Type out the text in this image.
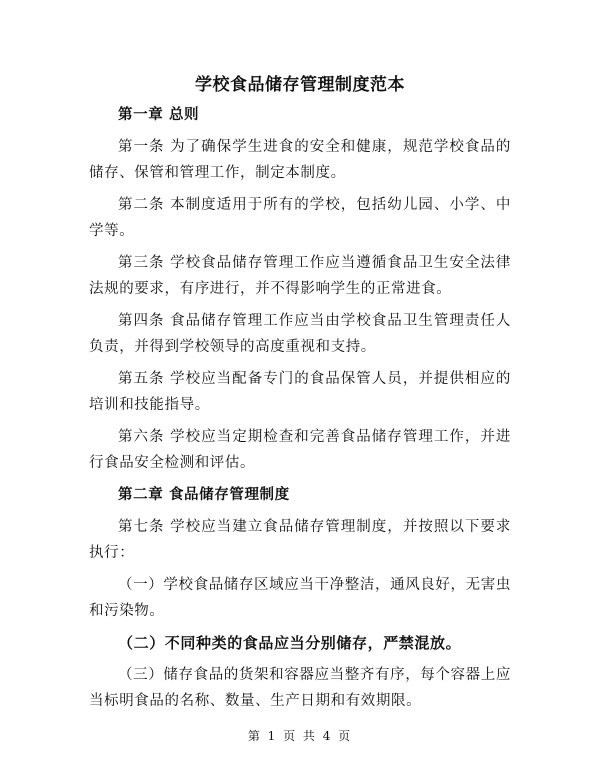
学校食品储存管理制度范本
第一章 总则
第一条 为了确保学生进食的安全和健康，规范学校食品的储存、保管和管理工作，制定本制度。
第二条 本制度适用于所有的学校，包括幼儿园、小学、中学等。
第三条 学校食品储存管理工作应当遵循食品卫生安全法律法规的要求，有序进行，并不得影响学生的正常进食。
第四条 食品储存管理工作应当由学校食品卫生管理责任人负责，并得到学校领导的高度重视和支持。
第五条 学校应当配备专门的食品保管人员，并提供相应的培训和技能指导。
第六条 学校应当定期检查和完善食品储存管理工作，并进行食品安全检测和评估。
第二章 食品储存管理制度
第七条 学校应当建立食品储存管理制度，并按照以下要求执行：
（一）学校食品储存区域应当干净整洁，通风良好，无害虫和污染物。
（二）不同种类的食品应当分别储存，严禁混放。
（三）储存食品的货架和容器应当整齐有序，每个容器上应当标明食品的名称、数量、生产日期和有效期限。
第 1 页 共 4 页
